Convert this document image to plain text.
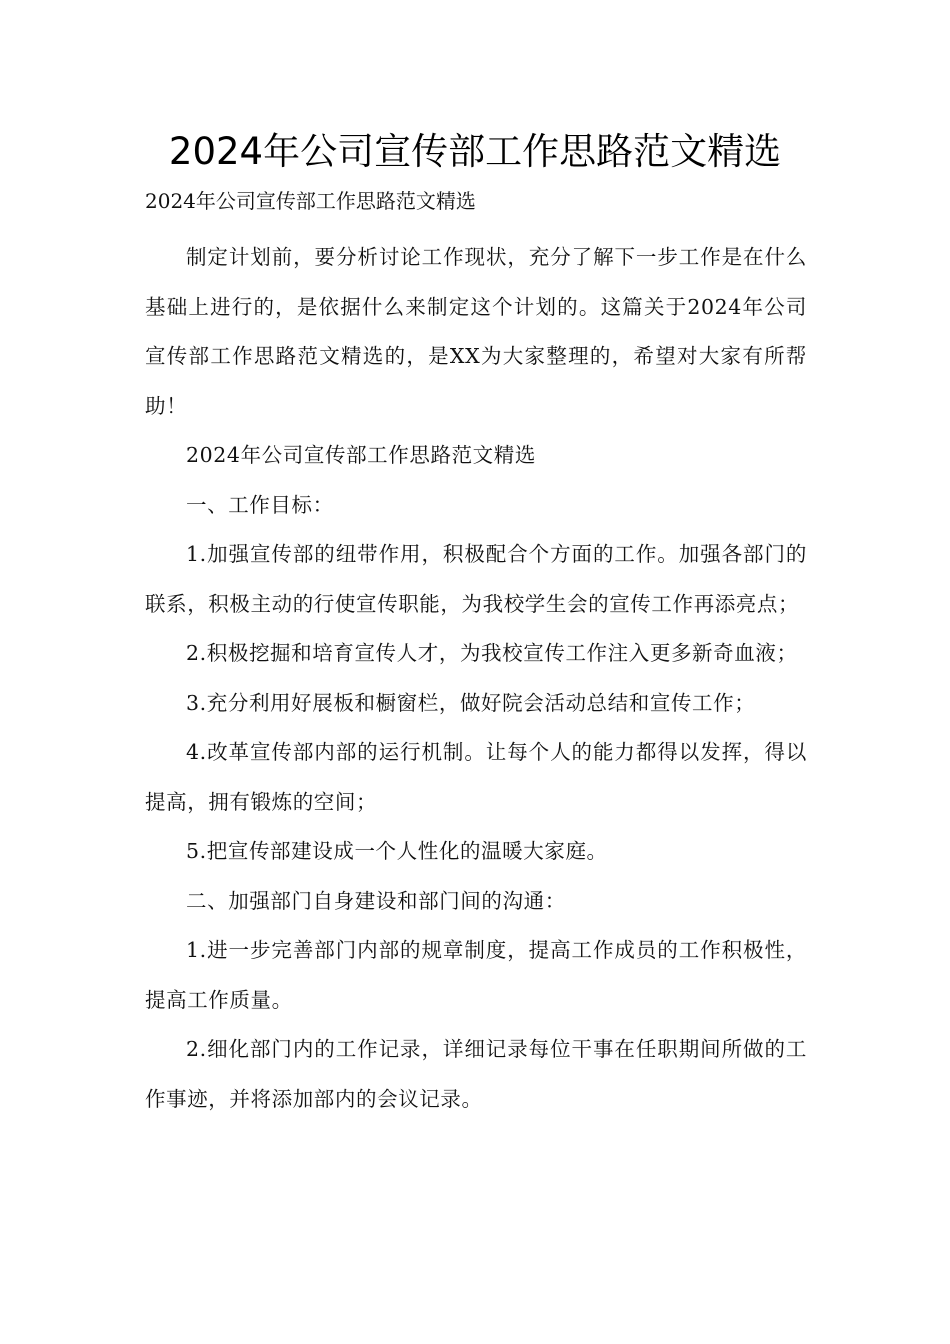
2024年公司宣传部工作思路范文精选

2024年公司宣传部工作思路范文精选

制定计划前，要分析讨论工作现状，充分了解下一步工作是在什么基础上进行的，是依据什么来制定这个计划的。这篇关于2024年公司宣传部工作思路范文精选的，是XX为大家整理的，希望对大家有所帮助！

2024年公司宣传部工作思路范文精选

一、工作目标：

1.加强宣传部的纽带作用，积极配合个方面的工作。加强各部门的联系，积极主动的行使宣传职能，为我校学生会的宣传工作再添亮点；

2.积极挖掘和培育宣传人才，为我校宣传工作注入更多新奇血液；

3.充分利用好展板和橱窗栏，做好院会活动总结和宣传工作；

4.改革宣传部内部的运行机制。让每个人的能力都得以发挥，得以提高，拥有锻炼的空间；

5.把宣传部建设成一个人性化的温暖大家庭。

二、加强部门自身建设和部门间的沟通：

1.进一步完善部门内部的规章制度，提高工作成员的工作积极性，提高工作质量。

2.细化部门内的工作记录，详细记录每位干事在任职期间所做的工作事迹，并将添加部内的会议记录。
